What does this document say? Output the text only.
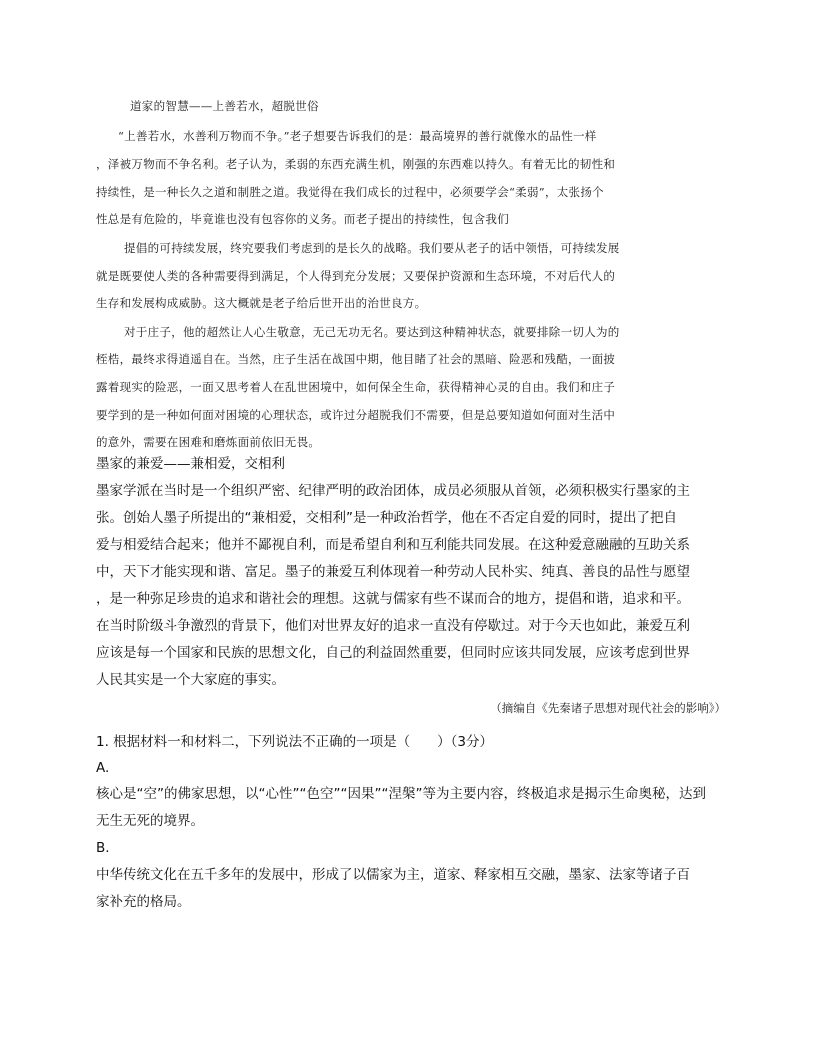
道家的智慧——上善若水，超脱世俗
“上善若水，水善利万物而不争。”老子想要告诉我们的是：最高境界的善行就像水的品性一样
，泽被万物而不争名利。老子认为，柔弱的东西充满生机，刚强的东西难以持久。有着无比的韧性和
持续性，是一种长久之道和制胜之道。我觉得在我们成长的过程中，必须要学会“柔弱”，太张扬个
性总是有危险的，毕竟谁也没有包容你的义务。而老子提出的持续性，包含我们
提倡的可持续发展，终究要我们考虑到的是长久的战略。我们要从老子的话中领悟，可持续发展
就是既要使人类的各种需要得到满足，个人得到充分发展；又要保护资源和生态环境，不对后代人的
生存和发展构成威胁。这大概就是老子给后世开出的治世良方。
对于庄子，他的超然让人心生敬意，无己无功无名。要达到这种精神状态，就要排除一切人为的
桎梏，最终求得逍遥自在。当然，庄子生活在战国中期，他目睹了社会的黑暗、险恶和残酷，一面披
露着现实的险恶，一面又思考着人在乱世困境中，如何保全生命，获得精神心灵的自由。我们和庄子
要学到的是一种如何面对困境的心理状态，或许过分超脱我们不需要，但是总要知道如何面对生活中
的意外，需要在困难和磨炼面前依旧无畏。
墨家的兼爱——兼相爱，交相利
墨家学派在当时是一个组织严密、纪律严明的政治团体，成员必须服从首领，必须积极实行墨家的主
张。创始人墨子所提出的“兼相爱，交相利”是一种政治哲学，他在不否定自爱的同时，提出了把自
爱与相爱结合起来；他并不鄙视自利，而是希望自利和互利能共同发展。在这种爱意融融的互助关系
中，天下才能实现和谐、富足。墨子的兼爱互利体现着一种劳动人民朴实、纯真、善良的品性与愿望
，是一种弥足珍贵的追求和谐社会的理想。这就与儒家有些不谋而合的地方，提倡和谐，追求和平。
在当时阶级斗争激烈的背景下，他们对世界友好的追求一直没有停歇过。对于今天也如此，兼爱互利
应该是每一个国家和民族的思想文化，自己的利益固然重要，但同时应该共同发展，应该考虑到世界
人民其实是一个大家庭的事实。
（摘编自《先秦诸子思想对现代社会的影响》）
1. 根据材料一和材料二，下列说法不正确的一项是（　　）（3分）
A.
核心是“空”的佛家思想，以“心性”“色空”“因果”“涅槃”等为主要内容，终极追求是揭示生命奥秘，达到
无生无死的境界。
B.
中华传统文化在五千多年的发展中，形成了以儒家为主，道家、释家相互交融，墨家、法家等诸子百
家补充的格局。
